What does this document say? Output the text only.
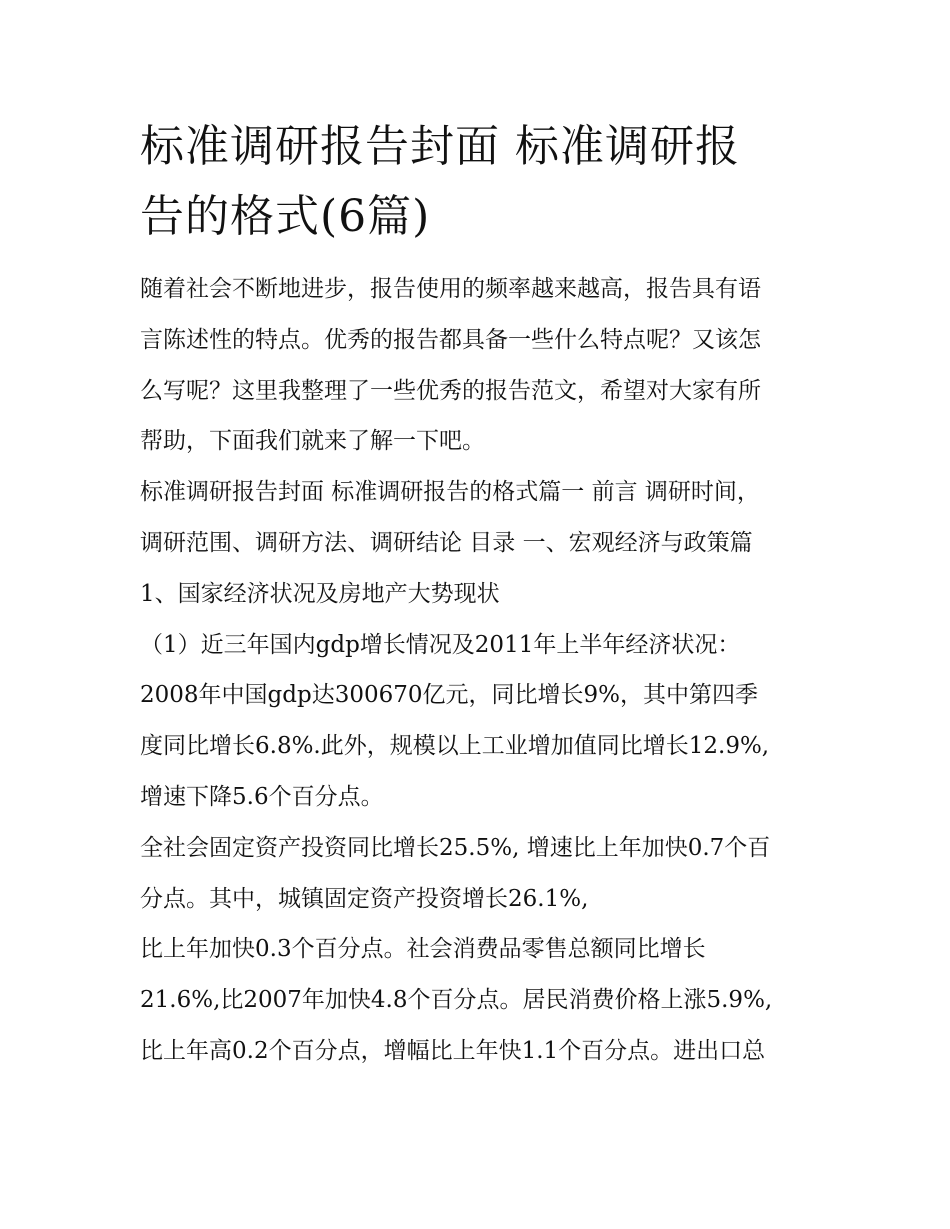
标准调研报告封面 标准调研报
告的格式(6篇)

随着社会不断地进步，报告使用的频率越来越高，报告具有语

言陈述性的特点。优秀的报告都具备一些什么特点呢？又该怎

么写呢？这里我整理了一些优秀的报告范文，希望对大家有所

帮助，下面我们就来了解一下吧。

标准调研报告封面 标准调研报告的格式篇一 前言 调研时间，

调研范围、调研方法、调研结论 目录 一、宏观经济与政策篇

1、国家经济状况及房地产大势现状

（1）近三年国内gdp增长情况及2011年上半年经济状况：

2008年中国gdp达300670亿元，同比增长9%，其中第四季

度同比增长6.8%.此外，规模以上工业增加值同比增长12.9%,

增速下降5.6个百分点。

全社会固定资产投资同比增长25.5%, 增速比上年加快0.7个百

分点。其中，城镇固定资产投资增长26.1%,

比上年加快0.3个百分点。社会消费品零售总额同比增长

21.6%,比2007年加快4.8个百分点。居民消费价格上涨5.9%,

比上年高0.2个百分点，增幅比上年快1.1个百分点。进出口总
